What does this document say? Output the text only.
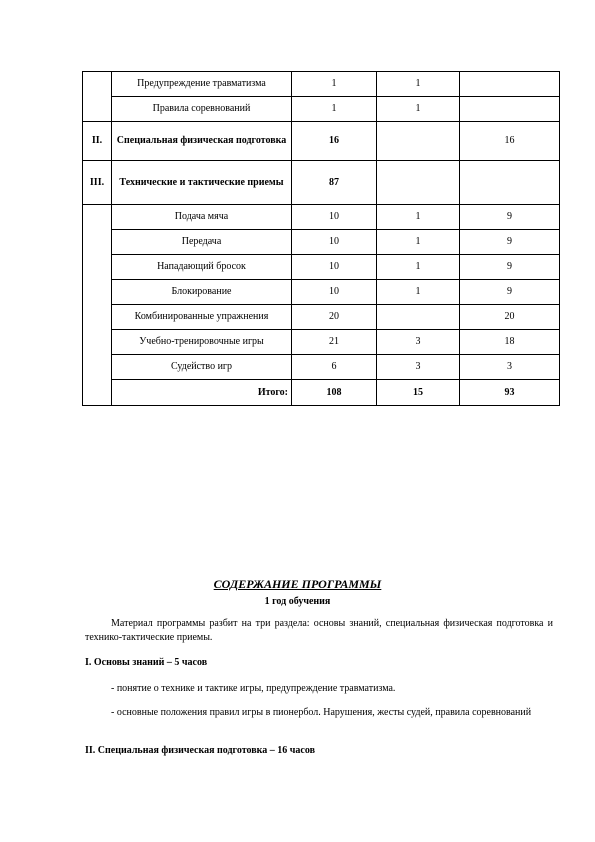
	Предупреждение травматизма	1	1	
	Правила соревнований	1	1	
II.	Специальная физическая подготовка	16		16
III.	Технические и тактические приемы	87		
	Подача мяча	10	1	9
	Передача	10	1	9
	Нападающий бросок	10	1	9
	Блокирование	10	1	9
	Комбинированные упражнения	20		20
	Учебно-тренировочные игры	21	3	18
	Судейство игр	6	3	3
	Итого:	108	15	93

СОДЕРЖАНИЕ ПРОГРАММЫ

1 год обучения

Материал программы разбит на три раздела: основы знаний, специальная физическая подготовка и технико-тактические приемы.

I. Основы знаний – 5 часов

- понятие о технике и тактике игры, предупреждение травматизма.

- основные положения правил игры в пионербол. Нарушения, жесты судей, правила соревнований

II. Специальная физическая подготовка – 16 часов
